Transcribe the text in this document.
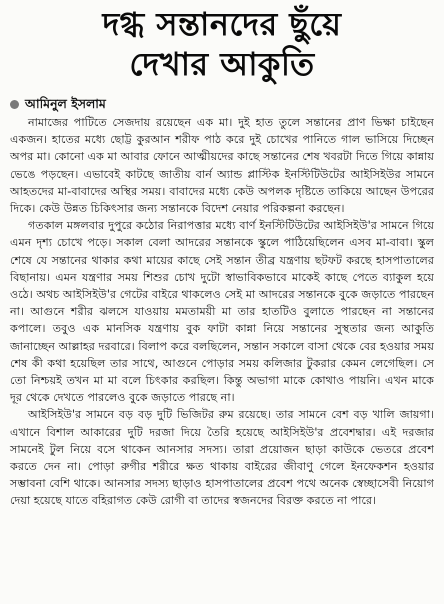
দগ্ধ সন্তানদের ছুঁয়ে
দেখার আকুতি
আমিনুল ইসলাম

নামাজের পাটিতে সেজদায় রয়েছেন এক মা। দুই হাত তুলে সন্তানের প্রাণ ভিক্ষা চাইছেন একজন। হাতের মধ্যে ছোট্ট কুরআন শরীফ পাঠ করে দুই চোখের পানিতে গাল ভাসিয়ে দিচ্ছেন অপর মা। কোনো এক মা আবার ফোনে আত্মীয়দের কাছে সন্তানের শেষ খবরটা দিতে গিয়ে কান্নায় ভেঙে পড়ছেন। এভাবেই কাটছে জাতীয় বার্ন অ্যান্ড প্লাস্টিক ইনস্টিটিউটের আইসিইউর সামনে আহতদের মা-বাবাদের অস্থির সময়। বাবাদের মধ্যে কেউ অপলক দৃষ্টিতে তাকিয়ে আছেন উপরের দিকে। কেউ উন্নত চিকিৎসার জন্য সন্তানকে বিদেশ নেয়ার পরিকল্পনা করছেন।

গতকাল মঙ্গলবার দুপুরে কঠোর নিরাপত্তার মধ্যে বার্ণ ইনস্টিটিউটের আইসিইউ'র সামনে গিয়ে এমন দৃশ্য চোখে পড়ে। সকাল বেলা আদরের সন্তানকে স্কুলে পাঠিয়েছিলেন এসব মা-বাবা। স্কুল শেষে যে সন্তানের থাকার কথা মায়ের কাছে সেই সন্তান তীব্র যন্ত্রণায় ছটফট করছে হাসপাতালের বিছানায়। এমন যন্ত্রণার সময় শিশুর চোখ দুটো স্বাভাবিকভাবে মাকেই কাছে পেতে ব্যাকুল হয়ে ওঠে। অথচ আইসিইউ'র গেটের বাইরে থাকলেও সেই মা আদরের সন্তানকে বুকে জড়াতে পারছেন না। আগুনে শরীর ঝলসে যাওয়ায় মমতাময়ী মা তার হাতটিও বুলাতে পারছেন না সন্তানের কপালে। তবুও এক মানসিক যন্ত্রণায় বুক ফাটা কান্না নিয়ে সন্তানের সুস্থতার জন্য আকুতি জানাচ্ছেন আল্লাহর দরবারে। বিলাপ করে বলছিলেন, সন্তান সকালে বাসা থেকে বের হওয়ার সময় শেষ কী কথা হয়েছিল তার সাথে, আগুনে পোড়ার সময় কলিজার টুকরার কেমন লেগেছিল। সে তো নিশ্চয়ই তখন মা মা বলে চিৎকার করছিল। কিন্তু অভাগা মাকে কোথাও পায়নি। এখন মাকে দূর থেকে দেখতে পারলেও বুকে জড়াতে পারছে না।

আইসিইউ'র সামনে বড় বড় দুটি ভিজিটর রুম রয়েছে। তার সামনে বেশ বড় খালি জায়গা। এখানে বিশাল আকারের দুটি দরজা দিয়ে তৈরি হয়েছে আইসিইউ'র প্রবেশদ্বার। এই দরজার সামনেই টুল নিয়ে বসে থাকেন আনসার সদস্য। তারা প্রয়োজন ছাড়া কাউকে ভেতরে প্রবেশ করতে দেন না। পোড়া রুগীর শরীরে ক্ষত থাকায় বাইরের জীবাণু গেলে ইনফেকশন হওয়ার সম্ভাবনা বেশি থাকে। আনসার সদস্য ছাড়াও হাসপাতালের প্রবেশ পথে অনেক স্বেচ্ছাসেবী নিয়োগ দেয়া হয়েছে যাতে বহিরাগত কেউ রোগী বা তাদের স্বজনদের বিরক্ত করতে না পারে।
